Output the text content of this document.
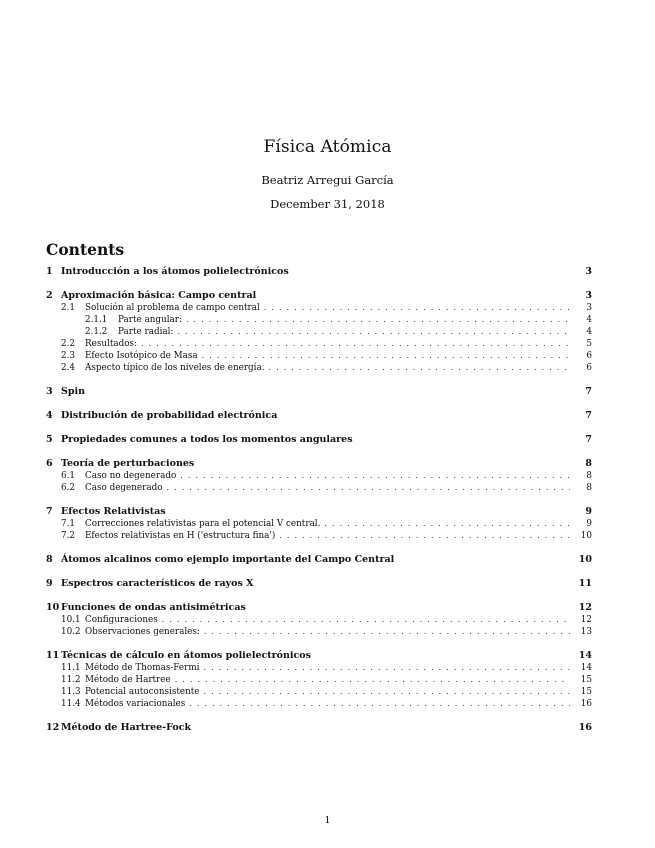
Física Atómica

Beatriz Arregui García

December 31, 2018

Contents
1 Introducción a los átomos polielectrónicos	3
2 Aproximación básica: Campo central	3
2.1	Solución al problema de campo central . . .	3
2.1.1	Parte angular: . . .	4
2.1.2	Parte radial: . . .	4
2.2	Resultados: . . .	5
2.3	Efecto Isotópico de Masa . . .	6
2.4	Aspecto típico de los niveles de energía. . . .	6
3 Spin	7
4 Distribución de probabilidad electrónica	7
5 Propiedades comunes a todos los momentos angulares	7
6 Teoría de perturbaciones	8
6.1	Caso no degenerado . . .	8
6.2	Caso degenerado . . .	8
7 Efectos Relativistas	9
7.1	Correcciones relativistas para el potencial V central. . . .	9
7.2	Efectos relativistas en H ('estructura fina') . . .	10
8 Átomos alcalinos como ejemplo importante del Campo Central	10
9 Espectros característicos de rayos X	11
10 Funciones de ondas antisimétricas	12
10.1 Configuraciones . . .	12
10.2 Observaciones generales: . . .	13
11 Técnicas de cálculo en átomos polielectrónicos	14
11.1 Método de Thomas-Fermi . . .	14
11.2 Método de Hartree . . .	15
11.3 Potencial autoconsistente . . .	15
11.4 Métodos variacionales . . .	16
12 Método de Hartree-Fock	16
1
